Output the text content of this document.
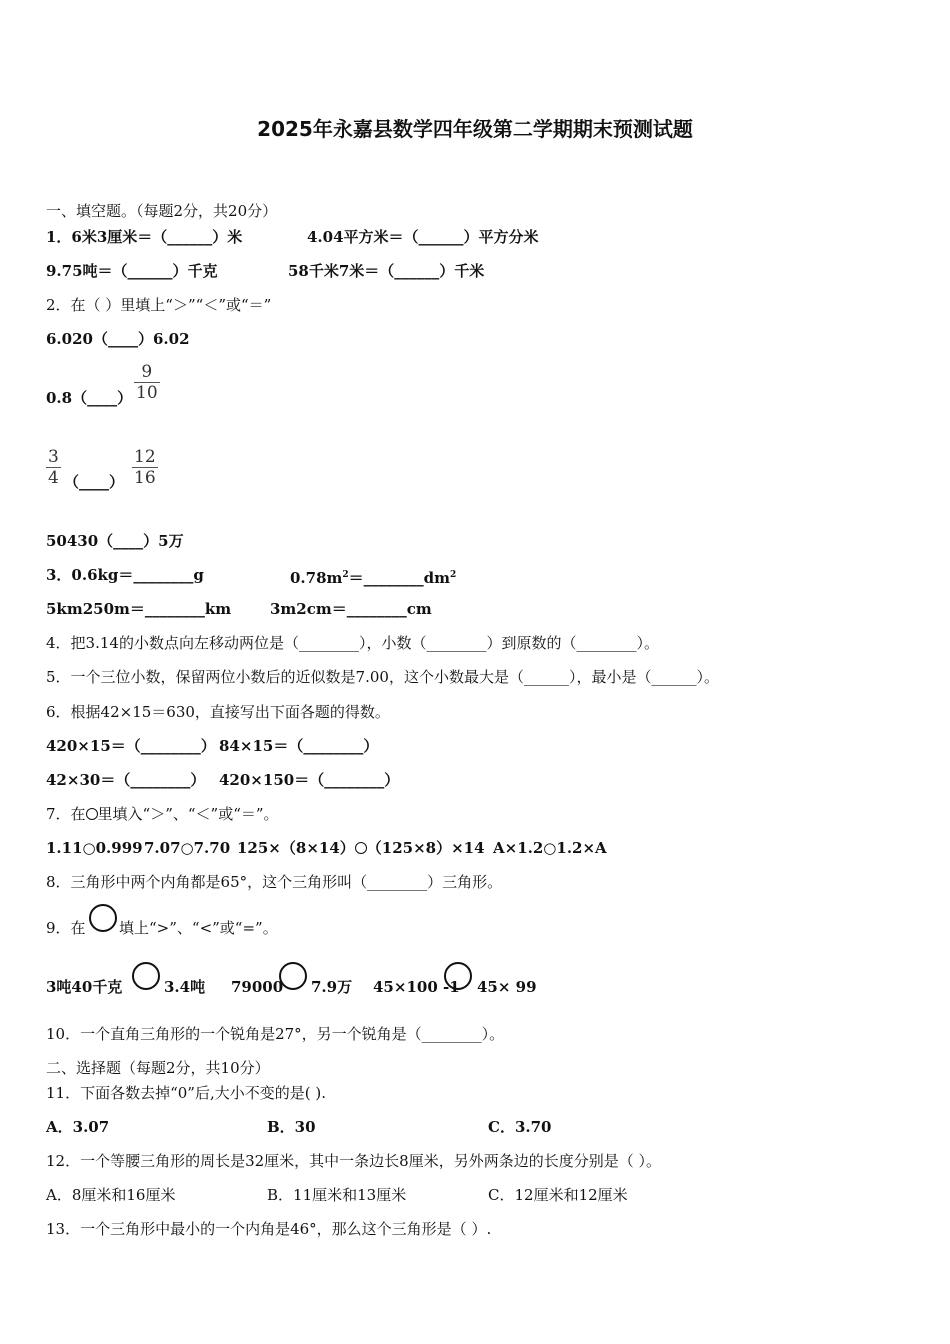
2025年永嘉县数学四年级第二学期期末预测试题
一、填空题。（每题2分，共20分）
1．6米3厘米＝（______）米	4.04平方米＝（______）平方分米
9.75吨＝（______）千克	58千米7米＝（______）千米
2．在（ ）里填上“＞”“＜”或“＝”
6.020（____）6.02
0.8（____）
9
10
3
4 （____）
12
16
50430（____）5万
3．0.6kg＝________g	$0.78m^2=\_\_\_\_\_\_\_\_dm^2$
5km250m＝________km	3m2cm＝________cm
4．把3.14的小数点向左移动两位是（________），小数（________）到原数的（________）。
5．一个三位小数，保留两位小数后的近似数是7.00，这个小数最大是（______），最小是（______）。
6．根据42×15＝630，直接写出下面各题的得数。
420×15＝（________） 84×15＝（________）
42×30＝（________） 420×150＝（________）
7．在 里填入“＞”、“＜”或“＝”。
1.11○0.999 7.07○7.70 125×（8×14） （125×8）×14 A×1.2○1.2×A
8．三角形中两个内角都是65°，这个三角形叫（________）三角形。
9．在 填上“>”、“<”或“=”。
3吨40千克	3.4吨 79000 7.9万 45×100 -1 45× 99
10．一个直角三角形的一个锐角是27°，另一个锐角是（________）。
二、选择题（每题2分，共10分）
11．下面各数去掉“0”后,大小不变的是( ).
A．3.07	B．30	C．3.70
12．一个等腰三角形的周长是32厘米，其中一条边长8厘米，另外两条边的长度分别是（ ）。
A．8厘米和16厘米	B．11厘米和13厘米	C．12厘米和12厘米
13．一个三角形中最小的一个内角是46°，那么这个三角形是（ ）.
